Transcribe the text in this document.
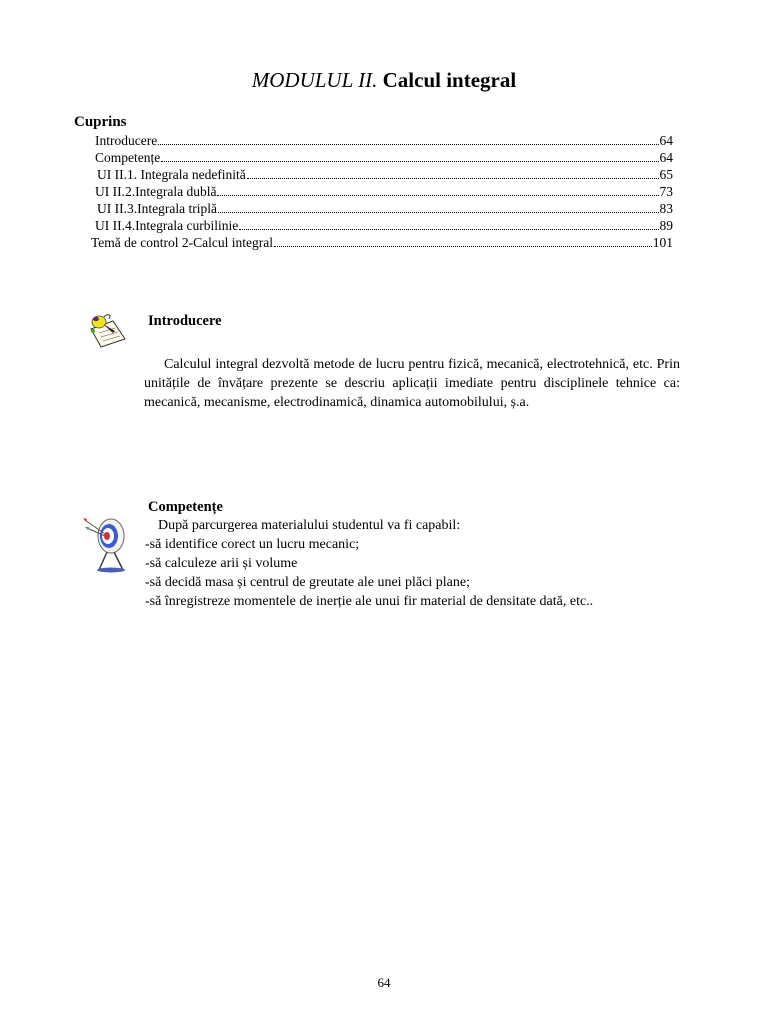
MODULUL II. Calcul integral
Cuprins
Introducere	64
Competențe	64
UI II.1. Integrala nedefinită	65
UI II.2.Integrala dublă	73
UI II.3.Integrala triplă	83
UI II.4.Integrala curbilinie	89
Temă de control 2-Calcul integral	101
Introducere
Calculul integral dezvoltă metode de lucru pentru fizică, mecanică, electrotehnică, etc. Prin unitățile de învățare prezente se descriu aplicații imediate pentru disciplinele tehnice ca: mecanică, mecanisme, electrodinamică, dinamica automobilului, ș.a.
Competențe
După parcurgerea materialului studentul va fi capabil:
-să identifice corect un lucru mecanic;
-să calculeze arii și volume
-să decidă masa și centrul de greutate ale unei plăci plane;
-să înregistreze momentele de inerție ale unui fir material de densitate dată, etc..
64
